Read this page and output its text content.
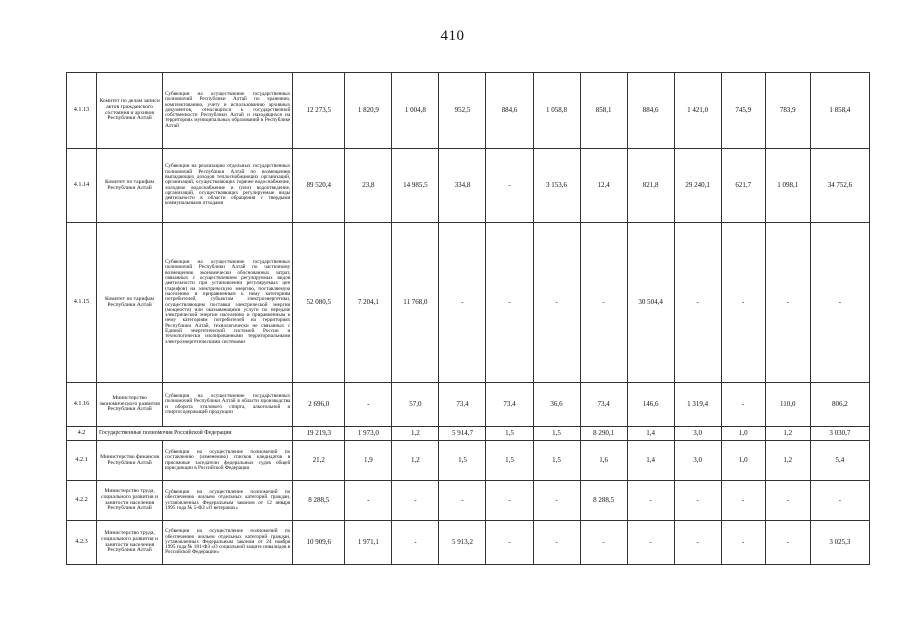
410
4.1.13	Комитет по делам записи актов гражданского состояния и архивов Республики Алтай	Субвенции на осуществление государственных полномочий Республики Алтай по хранению, комплектованию, учету и использованию архивных документов, относящихся к государственной собственности Республики Алтай и находящихся на территориях муниципальных образований в Республике Алтай	12 273,5	1 820,9	1 004,8	952,5	884,6	1 058,8	858,1	884,6	1 421,0	745,9	783,9	1 858,4
4.1.14	Комитет по тарифам Республики Алтай	Субвенции на реализацию отдельных государственных полномочий Республики Алтай по возмещению выпадающих доходов теплоснабжающих организаций, организаций, осуществляющих горячее водоснабжение, холодное водоснабжение и (или) водоотведение, организаций, осуществляющих регулируемые виды деятельности в области обращения с твердыми коммунальными отходами	89 520,4	23,8	14 985,5	334,8	-	3 153,6	12,4	821,8	29 240,1	621,7	1 098,1	34 752,6
4.1.15	Комитет по тарифам Республики Алтай	Субвенции на осуществление государственных полномочий Республики Алтай по частичному возмещению экономически обоснованных затрат, связанных с осуществлением регулируемых видов деятельности при установлении регулируемых цен (тарифов) на электрическую энергию, поставляемую населению и приравненным к нему категориям потребителей, субъектам электроэнергетики, осуществляющим поставки электрической энергии (мощности) или оказывающими услуги по передаче электрической энергии населению и приравненным к нему категориям потребителей на территориях Республики Алтай, технологически не связанных с Единой энергетической системой России и технологически изолированными территориальными электроэнергетическими системами	52 080,5	7 204,1	11 768,0	-	-	-	-	30 504,4	-	-	-	-
4.1.16	Министерство экономического развития Республики Алтай	Субвенции на осуществление государственных полномочий Республики Алтай в области производства и оборота этилового спирта, алкогольной и спиртосодержащей продукции	2 696,0	-	57,0	73,4	73,4	36,6	73,4	146,6	1 319,4	-	110,0	806,2
4.2	Государственные полномочия Российской Федерации		19 219,3	1 973,0	1,2	5 914,7	1,5	1,5	8 290,1	1,4	3,0	1,0	1,2	3 030,7
4.2.1	Министерство финансов Республики Алтай	Субвенции на осуществление полномочий по составлению (изменению) списков кандидатов в присяжные заседатели федеральных судов общей юрисдикции в Российской Федерации	21,2	1,9	1,2	1,5	1,5	1,5	1,6	1,4	3,0	1,0	1,2	5,4
4.2.2	Министерство труда, социального развития и занятости населения Республики Алтай	Субвенции на осуществление полномочий по обеспечению жильем отдельных категорий граждан, установленных Федеральным законом от 12 января 1995 года № 5-ФЗ «О ветеранах»	8 288,5	-	-	-	-	-	8 288,5	-	-	-	-	-
4.2.3	Министерство труда, социального развития и занятости населения Республики Алтай	Субвенции на осуществление полномочий по обеспечению жильем отдельных категорий граждан, установленных Федеральным законом от 24 ноября 1995 года № 181-ФЗ «О социальной защите инвалидов в Российской Федерации»	10 909,6	1 971,1	-	5 913,2	-	-	-	-	-	-	-	3 025,3
